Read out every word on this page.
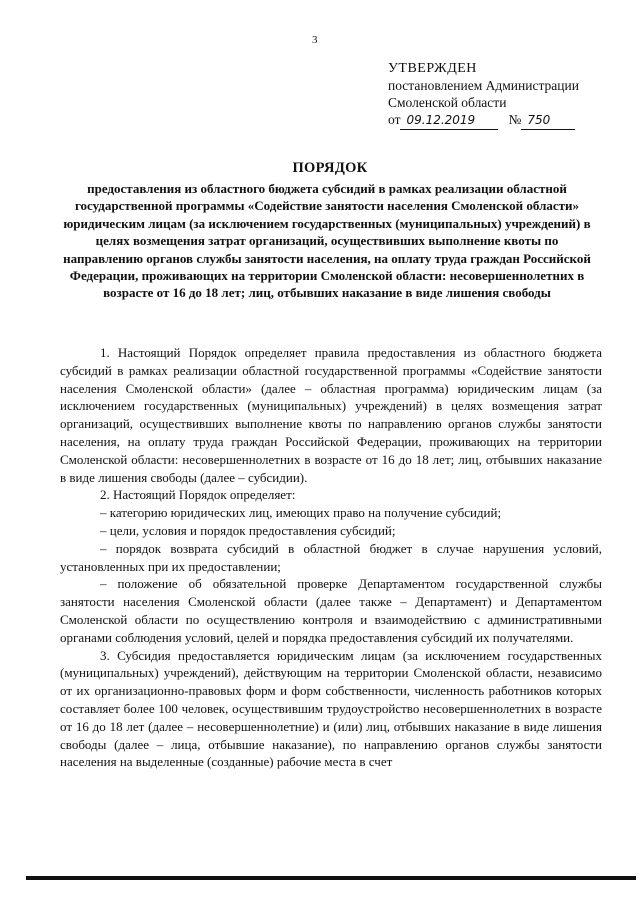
3
УТВЕРЖДЕН
постановлением Администрации
Смоленской области
от 09.12.2019	№ 750
ПОРЯДОК
предоставления из областного бюджета субсидий в рамках реализации областной государственной программы «Содействие занятости населения Смоленской области» юридическим лицам (за исключением государственных (муниципальных) учреждений) в целях возмещения затрат организаций, осуществивших выполнение квоты по направлению органов службы занятости населения, на оплату труда граждан Российской Федерации, проживающих на территории Смоленской области: несовершеннолетних в возрасте от 16 до 18 лет; лиц, отбывших наказание в виде лишения свободы

1. Настоящий Порядок определяет правила предоставления из областного бюджета субсидий в рамках реализации областной государственной программы «Содействие занятости населения Смоленской области» (далее – областная программа) юридическим лицам (за исключением государственных (муниципальных) учреждений) в целях возмещения затрат организаций, осуществивших выполнение квоты по направлению органов службы занятости населения, на оплату труда граждан Российской Федерации, проживающих на территории Смоленской области: несовершеннолетних в возрасте от 16 до 18 лет; лиц, отбывших наказание в виде лишения свободы (далее – субсидии).

2. Настоящий Порядок определяет:

– категорию юридических лиц, имеющих право на получение субсидий;

– цели, условия и порядок предоставления субсидий;

– порядок возврата субсидий в областной бюджет в случае нарушения условий, установленных при их предоставлении;

– положение об обязательной проверке Департаментом государственной службы занятости населения Смоленской области (далее также – Департамент) и Департаментом Смоленской области по осуществлению контроля и взаимодействию с административными органами соблюдения условий, целей и порядка предоставления субсидий их получателями.

3. Субсидия предоставляется юридическим лицам (за исключением государственных (муниципальных) учреждений), действующим на территории Смоленской области, независимо от их организационно-правовых форм и форм собственности, численность работников которых составляет более 100 человек, осуществившим трудоустройство несовершеннолетних в возрасте от 16 до 18 лет (далее – несовершеннолетние) и (или) лиц, отбывших наказание в виде лишения свободы (далее – лица, отбывшие наказание), по направлению органов службы занятости населения на выделенные (созданные) рабочие места в счет
